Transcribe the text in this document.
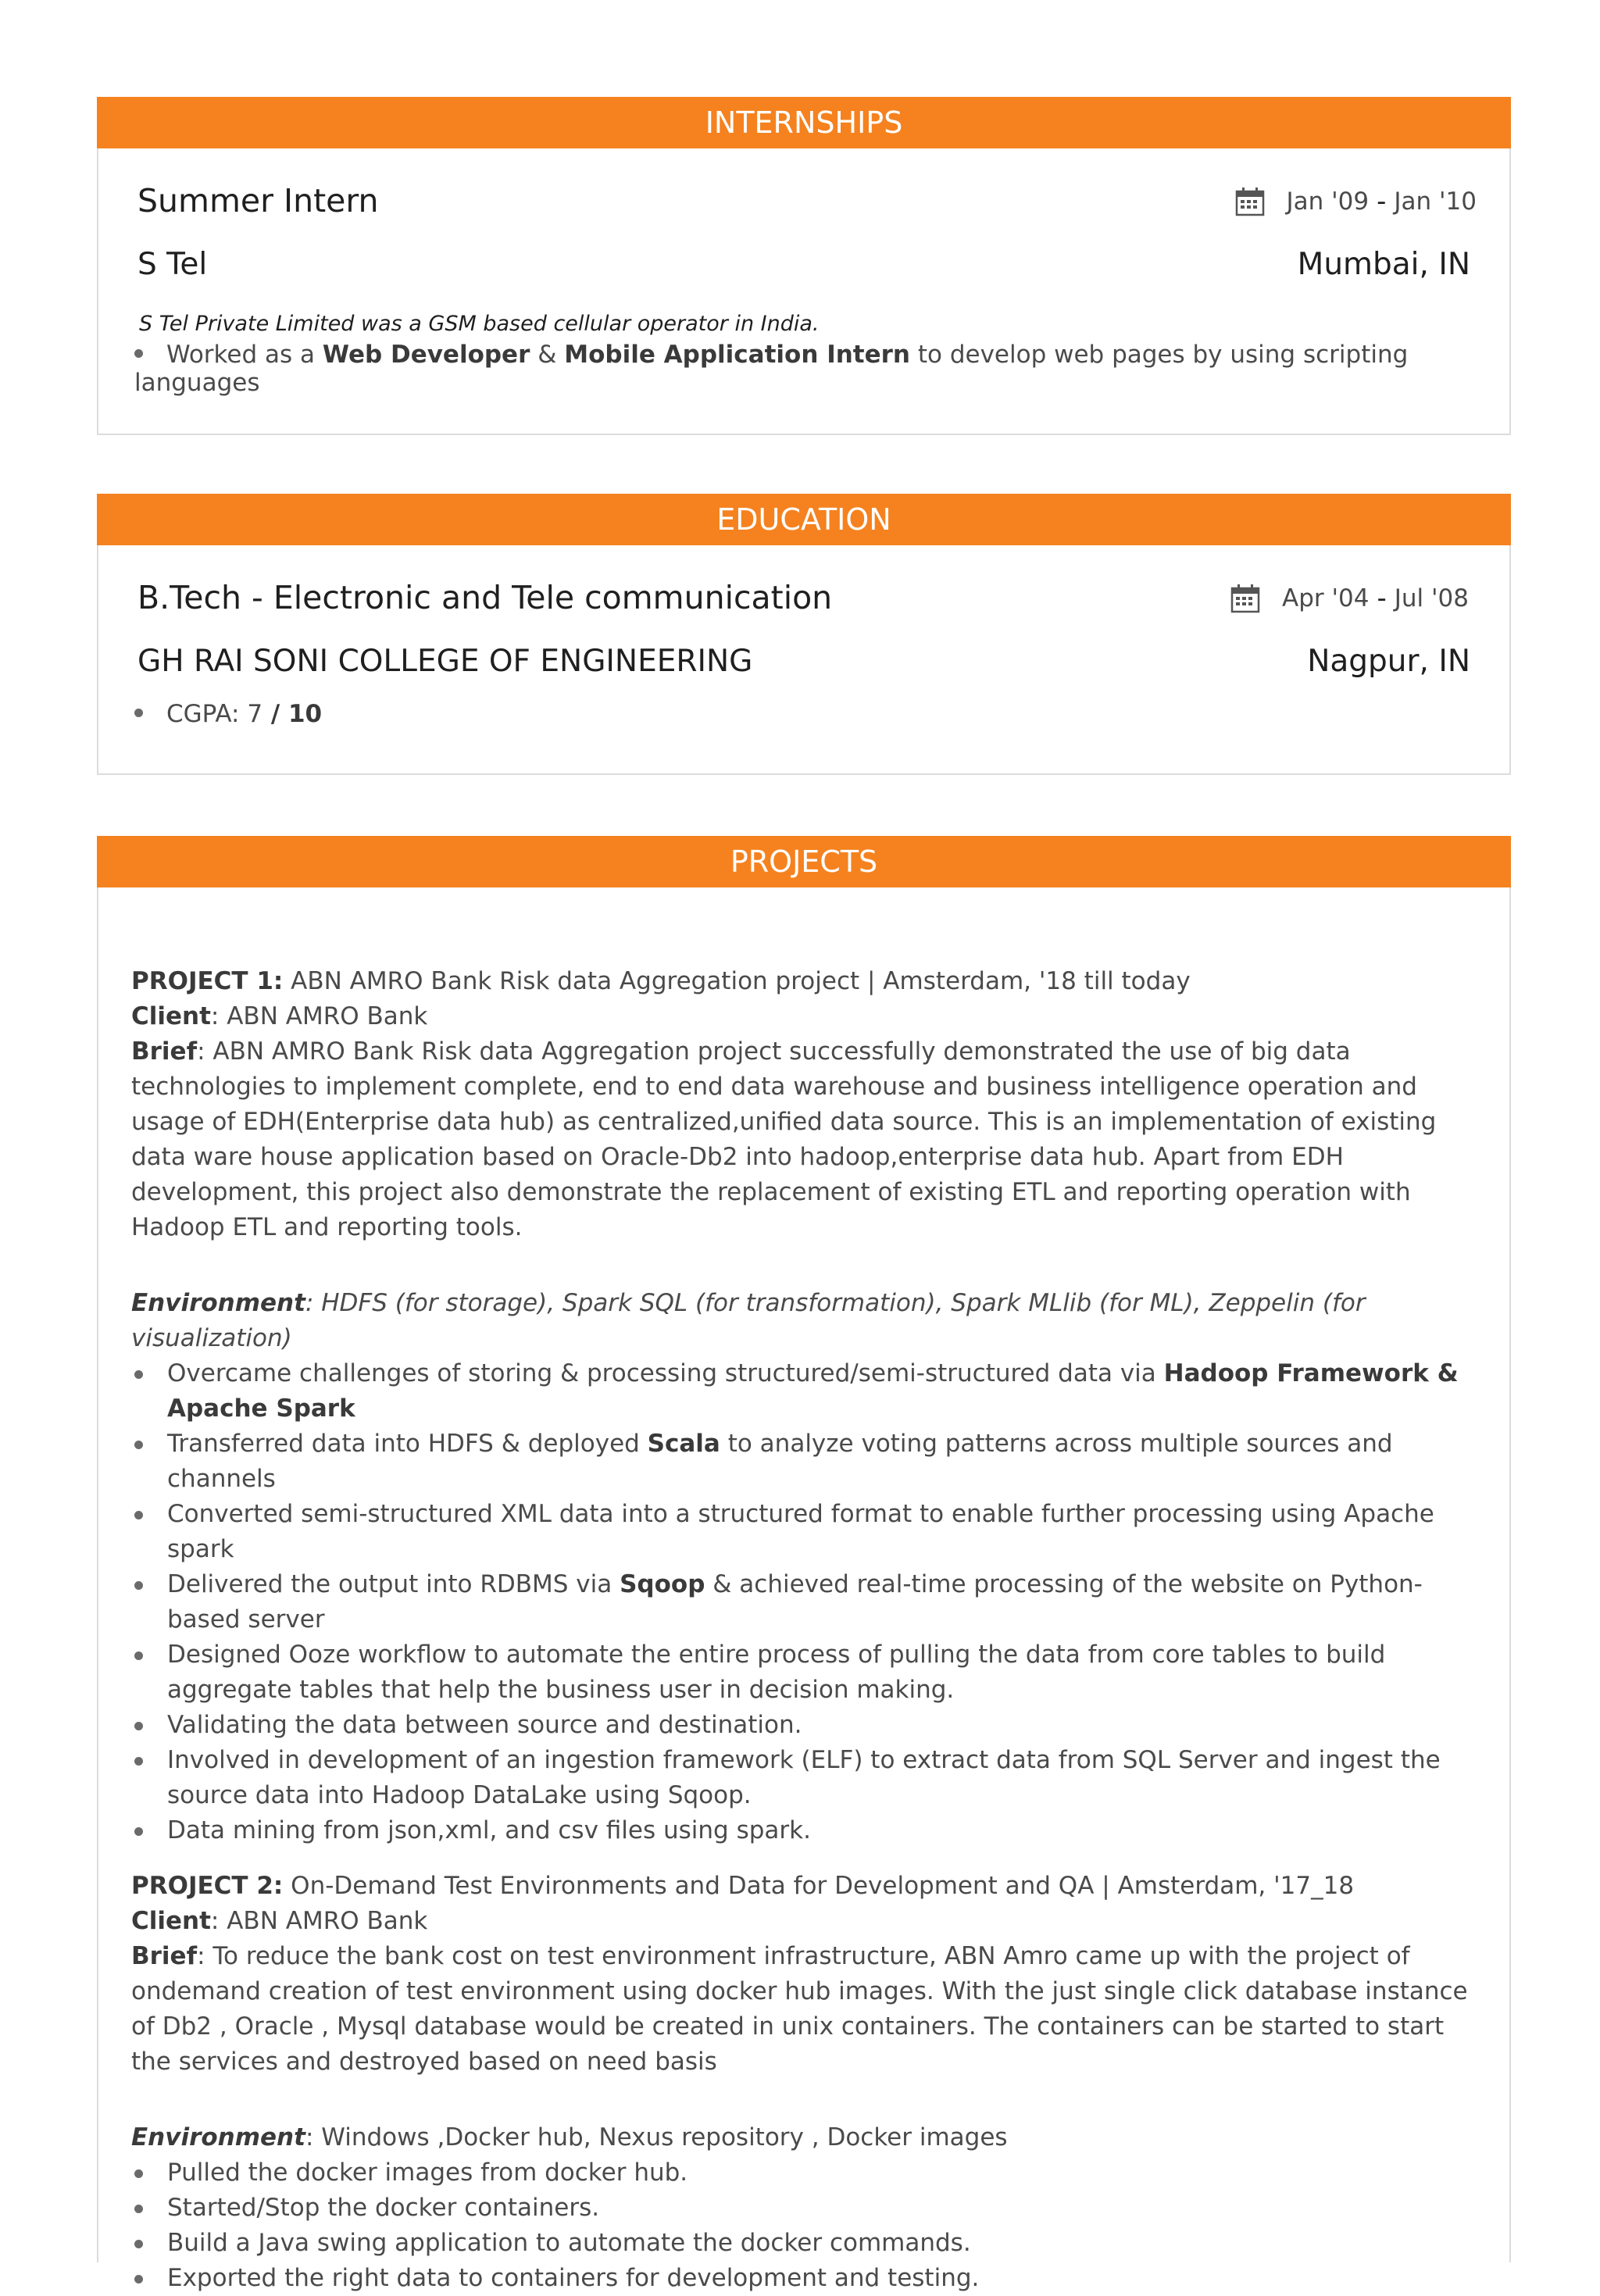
INTERNSHIPS
Summer Intern	Jan '09 - Jan '10
S Tel	Mumbai, IN
S Tel Private Limited was a GSM based cellular operator in India.
Worked as a Web Developer & Mobile Application Intern to develop web pages by using scripting languages
EDUCATION
B.Tech - Electronic and Tele communication	Apr '04 - Jul '08
GH RAI SONI COLLEGE OF ENGINEERING	Nagpur, IN
CGPA: 7 / 10
PROJECTS

PROJECT 1: ABN AMRO Bank Risk data Aggregation project | Amsterdam, '18 till today

Client: ABN AMRO Bank

Brief: ABN AMRO Bank Risk data Aggregation project successfully demonstrated the use of big data technologies to implement complete, end to end data warehouse and business intelligence operation and usage of EDH(Enterprise data hub) as centralized,unified data source. This is an implementation of existing data ware house application based on Oracle-Db2 into hadoop,enterprise data hub. Apart from EDH development, this project also demonstrate the replacement of existing ETL and reporting operation with Hadoop ETL and reporting tools.

Environment: HDFS (for storage), Spark SQL (for transformation), Spark MLlib (for ML), Zeppelin (for visualization)

Overcame challenges of storing & processing structured/semi-structured data via Hadoop Framework & Apache Spark
Transferred data into HDFS & deployed Scala to analyze voting patterns across multiple sources and channels
Converted semi-structured XML data into a structured format to enable further processing using Apache spark
Delivered the output into RDBMS via Sqoop & achieved real-time processing of the website on Python-based server
Designed Ooze workflow to automate the entire process of pulling the data from core tables to build aggregate tables that help the business user in decision making.
Validating the data between source and destination.
Involved in development of an ingestion framework (ELF) to extract data from SQL Server and ingest the source data into Hadoop DataLake using Sqoop.
Data mining from json,xml, and csv files using spark.

PROJECT 2: On-Demand Test Environments and Data for Development and QA | Amsterdam, '17_18

Client: ABN AMRO Bank

Brief: To reduce the bank cost on test environment infrastructure, ABN Amro came up with the project of ondemand creation of test environment using docker hub images. With the just single click database instance of Db2 , Oracle , Mysql database would be created in unix containers. The containers can be started to start the services and destroyed based on need basis

Environment: Windows ,Docker hub, Nexus repository , Docker images

Pulled the docker images from docker hub.
Started/Stop the docker containers.
Build a Java swing application to automate the docker commands.
Exported the right data to containers for development and testing.
